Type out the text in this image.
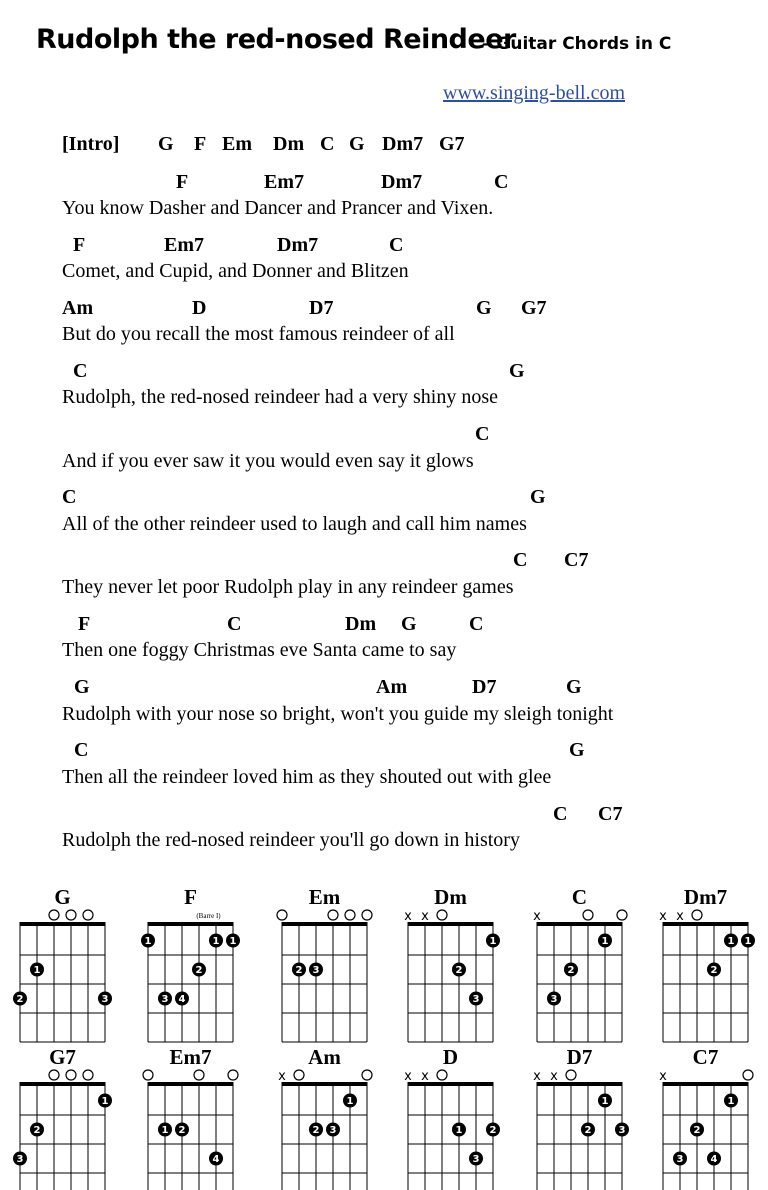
Rudolph the red-nosed Reindeer
– Guitar Chords in C
www.singing-bell.com
[Intro] G F Em Dm C G Dm7 G7
F	Em7	Dm7	C
You know Dasher and Dancer and Prancer and Vixen.
F	Em7	Dm7	C
Comet, and Cupid, and Donner and Blitzen
Am	D	D7	G G7
But do you recall the most famous reindeer of all
C	G
Rudolph, the red-nosed reindeer had a very shiny nose
C
And if you ever saw it you would even say it glows
C	G
All of the other reindeer used to laugh and call him names
C C7
They never let poor Rudolph play in any reindeer games
F	C	Dm G	C
Then one foggy Christmas eve Santa came to say
G	Am	D7	G
Rudolph with your nose so bright, won't you guide my sleigh tonight
C	G
Then all the reindeer loved him as they shouted out with glee
C C7
Rudolph the red-nosed reindeer you'll go down in history
G
1
2	3
F
(Barre I)
1	1 1
2
3 4
Em
2 3
Dm
x x
1
2
3
C
x
1
2
3
Dm7
x x
1 1
2
G7
1
2
3
Em7
1 2
4
Am
x
1
2 3
D
x x
1	2
3
D7
x x
1
2	3
C7
x
1
2
3	4
